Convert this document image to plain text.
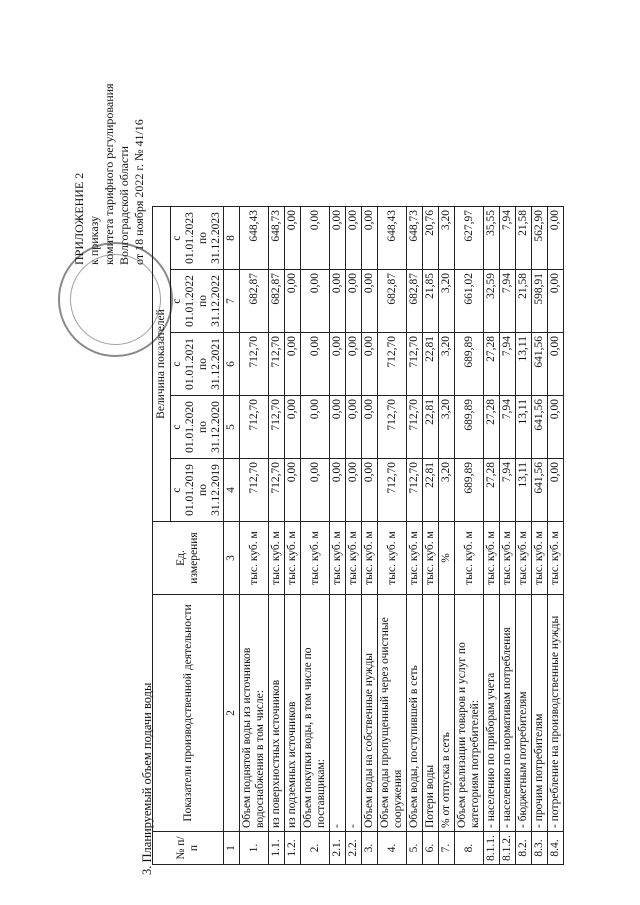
ПРИЛОЖЕНИЕ 2 к приказу комитета тарифного регулирования Волгоградской области от 18 ноября 2022 г. № 41/16
3. Планируемый объем подачи воды № п/п	Показатели производственной деятельности	Ед. измерения	Величина показателей				
			с 01.01.2019 по 31.12.2019	с 01.01.2020 по 31.12.2020	с 01.01.2021 по 31.12.2021	с 01.01.2022 по 31.12.2022	с 01.01.2023 по 31.12.2023
1	2	3	4	5	6	7	8
1.	Объем поднятой воды из источников водоснабжения в том числе:	тыс. куб. м	712,70	712,70	712,70	682,87	648,43
1.1.	из поверхностных источников	тыс. куб. м	712,70	712,70	712,70	682,87	648,73
1.2.	из подземных источников	тыс. куб. м	0,00	0,00	0,00	0,00	0,00
2.	Объем покупки воды, в том числе по поставщикам:	тыс. куб. м	0,00	0,00	0,00	0,00	0,00
2.1.	-	тыс. куб. м	0,00	0,00	0,00	0,00	0,00
2.2.	-	тыс. куб. м	0,00	0,00	0,00	0,00	0,00
3.	Объем воды на собственные нужды	тыс. куб. м	0,00	0,00	0,00	0,00	0,00
4.	Объем воды пропущенный через очистные сооружения	тыс. куб. м	712,70	712,70	712,70	682,87	648,43
5.	Объем воды, поступившей в сеть	тыс. куб. м	712,70	712,70	712,70	682,87	648,73
6.	Потери воды	тыс. куб. м	22,81	22,81	22,81	21,85	20,76
7.	% от отпуска в сеть	%	3,20	3,20	3,20	3,20	3,20
8.	Объем реализации товаров и услуг по категориям потребителей:	тыс. куб. м	689,89	689,89	689,89	661,02	627,97
8.1.1.	- населению по приборам учета	тыс. куб. м	27,28	27,28	27,28	32,59	35,55
8.1.2.	- населению по нормативам потребления	тыс. куб. м	7,94	7,94	7,94	7,94	7,94
8.2.	- бюджетным потребителям	тыс. куб. м	13,11	13,11	13,11	21,58	21,58
8.3.	- прочим потребителям	тыс. куб. м	641,56	641,56	641,56	598,91	562,90
8.4.	- потребление на производственные нужды	тыс. куб. м	0,00	0,00	0,00	0,00	0,00
